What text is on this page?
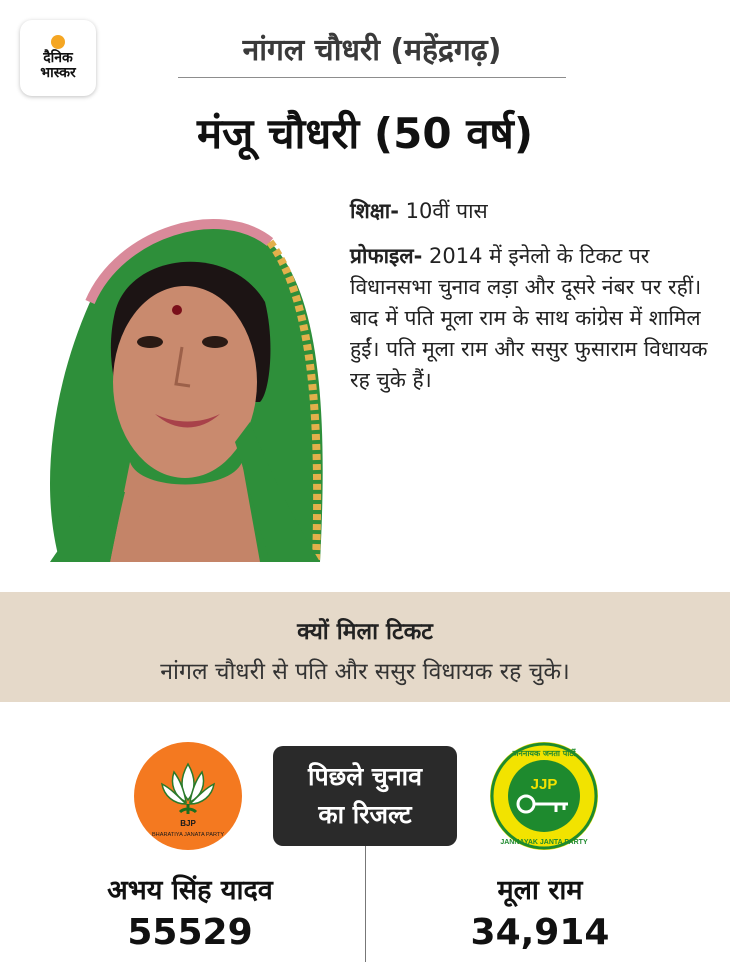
दैनिक
भास्कर
नांगल चौधरी (महेंद्रगढ़)
मंजू चौधरी (50 वर्ष)

शिक्षा- 10वीं पास

प्रोफाइल- 2014 में इनेलो के टिकट पर विधानसभा चुनाव लड़ा और दूसरे नंबर पर रहीं। बाद में पति मूला राम के साथ कांग्रेस में शामिल हुईं। पति मूला राम और ससुर फुसाराम विधायक रह चुके हैं।

क्यों मिला टिकट
नांगल चौधरी से पति और ससुर विधायक रह चुके।
BJP
BHARATIYA JANATA PARTY
पिछले चुनाव
का रिजल्ट
JJP
जननायक जनता पार्टी
JANNAYAK JANTA PARTY
अभय सिंह यादव
55529
मूला राम
34,914
